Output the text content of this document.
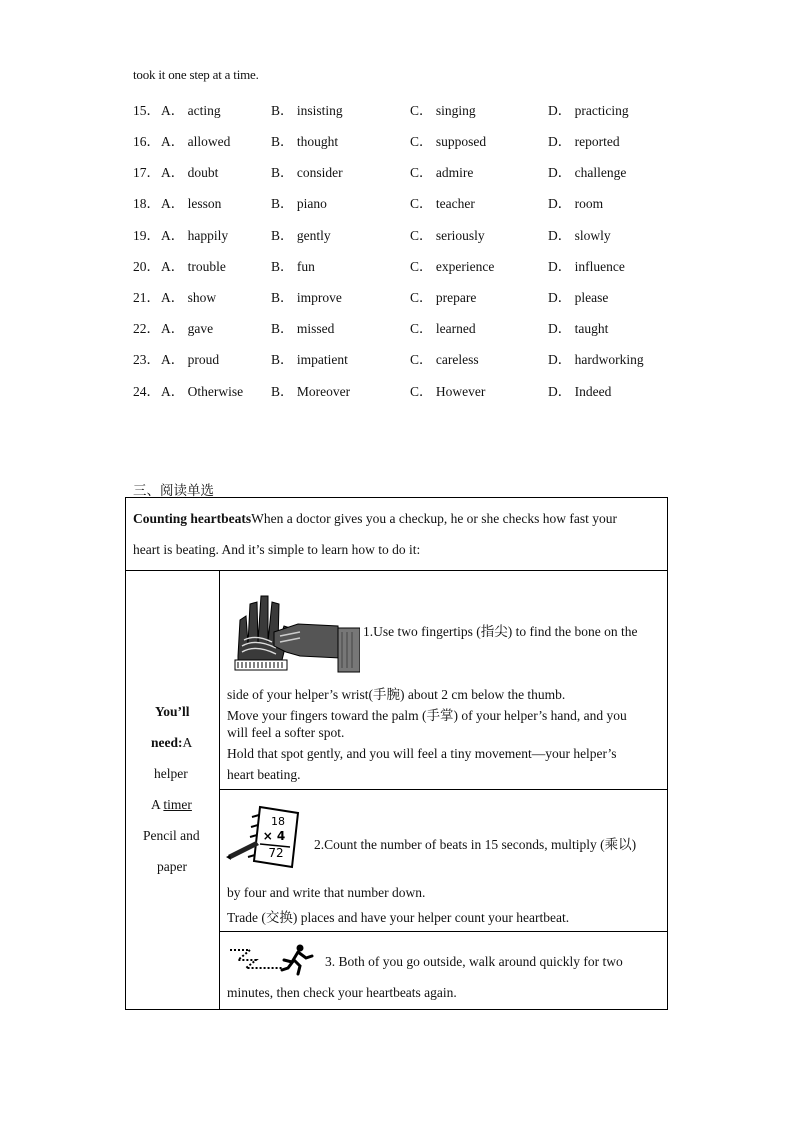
took it one step at a time.
15． A． acting	B． insisting	C． singing	D． practicing
16． A． allowed	B． thought	C． supposed	D． reported
17． A． doubt	B． consider	C． admire	D． challenge
18． A． lesson	B． piano	C． teacher	D． room
19． A． happily	B． gently	C． seriously	D． slowly
20． A． trouble	B． fun	C． experience	D． influence
21． A． show	B． improve	C． prepare	D． please
22． A． gave	B． missed	C． learned	D． taught
23． A． proud	B． impatient	C． careless	D． hardworking
24． A． Otherwise B． Moreover	C． However	D． Indeed
三、阅读单选
Counting heartbeatsWhen a doctor gives you a checkup, he or she checks how fast your
heart is beating. And it’s simple to learn how to do it:
You’ll
need:A
helper
A timer
Pencil and
paper
1.Use two fingertips (指尖) to find the bone on the
side of your helper’s wrist(手腕) about 2 cm below the thumb.
Move your fingers toward the palm (手掌) of your helper’s hand, and you
will feel a softer spot.
Hold that spot gently, and you will feel a tiny movement—your helper’s
heart beating.
18
× 4
72
2.Count the number of beats in 15 seconds, multiply (乘以)
by four and write that number down.
Trade (交换) places and have your helper count your heartbeat.
3. Both of you go outside, walk around quickly for two
minutes, then check your heartbeats again.
